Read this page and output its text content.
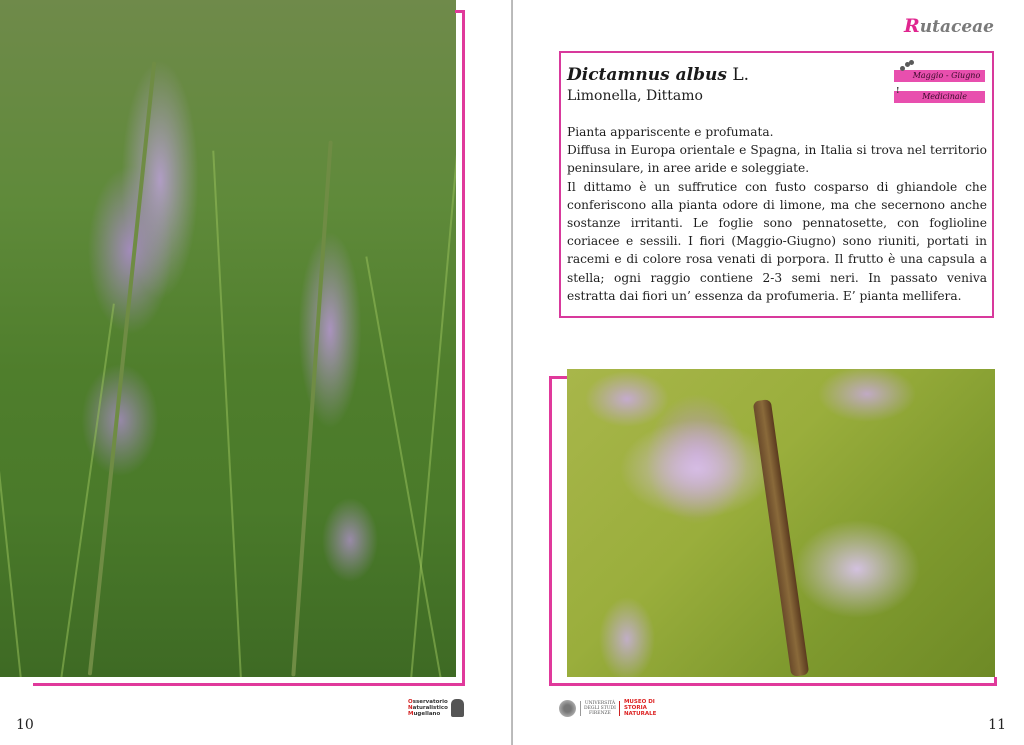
Osservatorio
Naturalistico
Mugellano
10
Rutaceae
Dictamnus albus L.
Limonella, Dittamo
Maggio - Giugno
!
Medicinale

Pianta appariscente e profumata.

Diffusa in Europa orientale e Spagna, in Italia si trova nel territorio peninsulare, in aree aride e soleggiate.

Il dittamo è un suffrutice con fusto cosparso di ghiandole che conferiscono alla pianta odore di limone, ma che secernono anche sostanze irritanti. Le foglie sono pennatosette, con foglioline coriacee e sessili. I fiori (Maggio-Giugno) sono riuniti, portati in racemi e di colore rosa venati di porpora. Il frutto è una capsula a stella; ogni raggio contiene 2-3 semi neri. In passato veniva estratta dai fiori un’ essenza da profumeria. E’ pianta mellifera.

UNIVERSITÀ
DEGLI STUDI
FIRENZE
MUSEO DI
STORIA
NATURALE
11
